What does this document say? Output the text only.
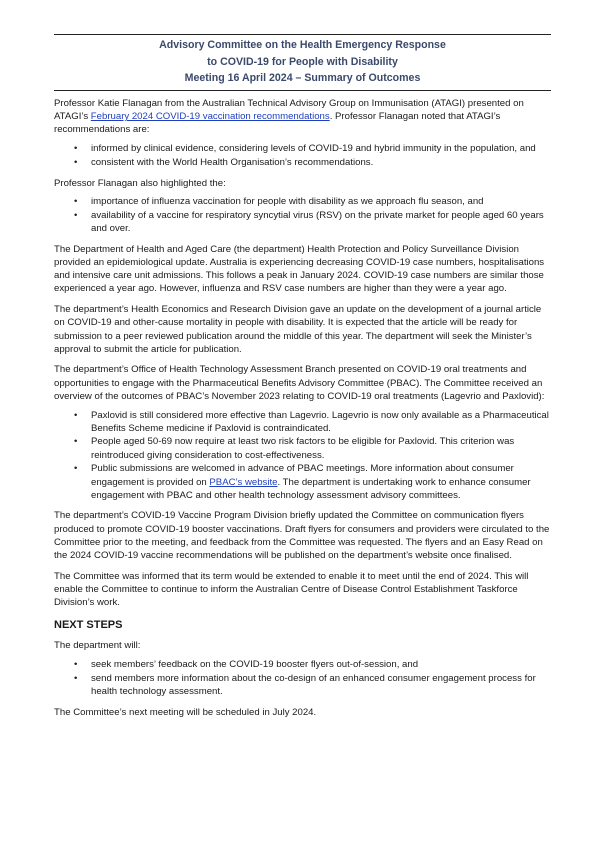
Advisory Committee on the Health Emergency Response
to COVID-19 for People with Disability
Meeting 16 April 2024 – Summary of Outcomes

Professor Katie Flanagan from the Australian Technical Advisory Group on Immunisation (ATAGI) presented on ATAGI’s February 2024 COVID-19 vaccination recommendations. Professor Flanagan noted that ATAGI’s recommendations are:

• informed by clinical evidence, considering levels of COVID-19 and hybrid immunity in the population, and
• consistent with the World Health Organisation’s recommendations.

Professor Flanagan also highlighted the:

• importance of influenza vaccination for people with disability as we approach flu season, and
• availability of a vaccine for respiratory syncytial virus (RSV) on the private market for people aged 60 years and over.

The Department of Health and Aged Care (the department) Health Protection and Policy Surveillance Division provided an epidemiological update. Australia is experiencing decreasing COVID-19 case numbers, hospitalisations and intensive care unit admissions. This follows a peak in January 2024. COVID-19 case numbers are similar those experienced a year ago. However, influenza and RSV case numbers are higher than they were a year ago.

The department’s Health Economics and Research Division gave an update on the development of a journal article on COVID-19 and other-cause mortality in people with disability. It is expected that the article will be ready for submission to a peer reviewed publication around the middle of this year. The department will seek the Minister’s approval to submit the article for publication.

The department’s Office of Health Technology Assessment Branch presented on COVID-19 oral treatments and opportunities to engage with the Pharmaceutical Benefits Advisory Committee (PBAC). The Committee received an overview of the outcomes of PBAC’s November 2023 relating to COVID-19 oral treatments (Lagevrio and Paxlovid):

• Paxlovid is still considered more effective than Lagevrio. Lagevrio is now only available as a Pharmaceutical Benefits Scheme medicine if Paxlovid is contraindicated.
• People aged 50-69 now require at least two risk factors to be eligible for Paxlovid. This criterion was reintroduced giving consideration to cost-effectiveness.
• Public submissions are welcomed in advance of PBAC meetings. More information about consumer engagement is provided on PBAC’s website. The department is undertaking work to enhance consumer engagement with PBAC and other health technology assessment advisory committees.

The department’s COVID-19 Vaccine Program Division briefly updated the Committee on communication flyers produced to promote COVID-19 booster vaccinations. Draft flyers for consumers and providers were circulated to the Committee prior to the meeting, and feedback from the Committee was requested. The flyers and an Easy Read on the 2024 COVID-19 vaccine recommendations will be published on the department’s website once finalised.

The Committee was informed that its term would be extended to enable it to meet until the end of 2024. This will enable the Committee to continue to inform the Australian Centre of Disease Control Establishment Taskforce Division’s work.

NEXT STEPS

The department will:

• seek members’ feedback on the COVID-19 booster flyers out-of-session, and
• send members more information about the co-design of an enhanced consumer engagement process for health technology assessment.

The Committee’s next meeting will be scheduled in July 2024.
